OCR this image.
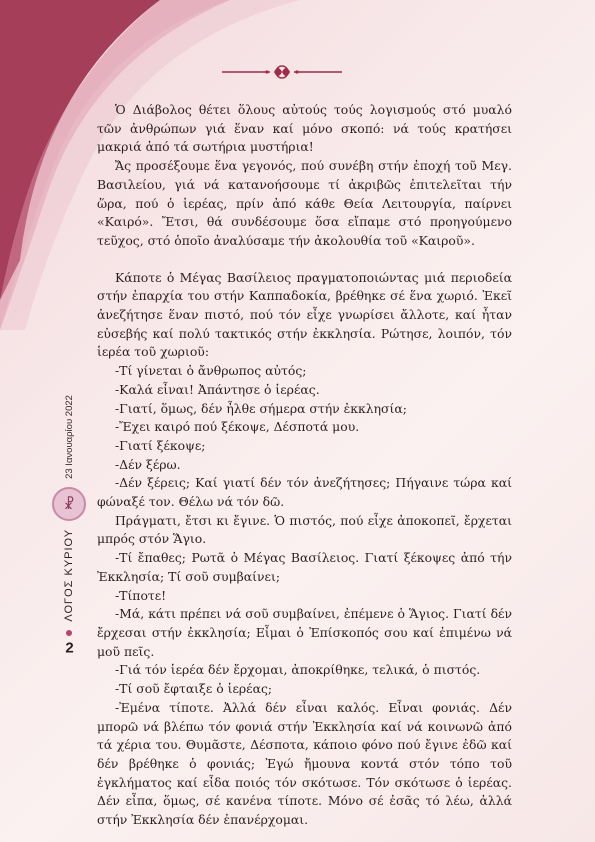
Ὁ Διάβολος θέτει ὅλους αὐτούς τούς λογισμούς στό μυαλό τῶν ἀνθρώπων γιά ἕναν καί μόνο σκοπό: νά τούς κρατήσει μακριά ἀπό τά σωτήρια μυστήρια!

Ἄς προσέξουμε ἕνα γεγονός, πού συνέβη στήν ἐποχή τοῦ Μεγ. Βασιλείου, γιά νά κατανοήσουμε τί ἀκριβῶς ἐπιτελεῖται τήν ὥρα, πού ὁ ἱερέας, πρίν ἀπό κάθε Θεία Λειτουργία, παίρνει «Καιρό». Ἔτσι, θά συνδέσουμε ὅσα εἴπαμε στό προηγούμενο τεῦχος, στό ὁποῖο ἀναλύσαμε τήν ἀκολουθία τοῦ «Καιροῦ».

Κάποτε ὁ Μέγας Βασίλειος πραγματοποιώντας μιά περιοδεία στήν ἐπαρχία του στήν Καππαδοκία, βρέθηκε σέ ἕνα χωριό. Ἐκεῖ ἀνεζήτησε ἕναν πιστό, πού τόν εἶχε γνωρίσει ἄλλοτε, καί ἦταν εὐσεβής καί πολύ τακτικός στήν ἐκκλησία. Ρώτησε, λοιπόν, τόν ἱερέα τοῦ χωριοῦ:

-Τί γίνεται ὁ ἄνθρωπος αὐτός;

-Καλά εἶναι! Ἀπάντησε ὁ ἱερέας.

-Γιατί, ὅμως, δέν ἦλθε σήμερα στήν ἐκκλησία;

-Ἔχει καιρό πού ξέκοψε, Δέσποτά μου.

-Γιατί ξέκοψε;

-Δέν ξέρω.

-Δέν ξέρεις; Καί γιατί δέν τόν ἀνεζήτησες; Πήγαινε τώρα καί φώναξέ τον. Θέλω νά τόν δῶ.

Πράγματι, ἔτσι κι ἔγινε. Ὁ πιστός, πού εἶχε ἀποκοπεῖ, ἔρχεται μπρός στόν Ἅγιο.

-Τί ἔπαθες; Ρωτᾶ ὁ Μέγας Βασίλειος. Γιατί ξέκοψες ἀπό τήν Ἐκκλησία; Τί σοῦ συμβαίνει;

-Τίποτε!

-Μά, κάτι πρέπει νά σοῦ συμβαίνει, ἐπέμενε ὁ Ἅγιος. Γιατί δέν ἔρχεσαι στήν ἐκκλησία; Εἶμαι ὁ Ἐπίσκοπός σου καί ἐπιμένω νά μοῦ πεῖς.

-Γιά τόν ἱερέα δέν ἔρχομαι, ἀποκρίθηκε, τελικά, ὁ πιστός.

-Τί σοῦ ἔφταιξε ὁ ἱερέας;

-Ἐμένα τίποτε. Ἀλλά δέν εἶναι καλός. Εἶναι φονιάς. Δέν μπορῶ νά βλέπω τόν φονιά στήν Ἐκκλησία καί νά κοινωνῶ ἀπό τά χέρια του. Θυμᾶστε, Δέσποτα, κάποιο φόνο πού ἔγινε ἐδῶ καί δέν βρέθηκε ὁ φονιάς; Ἐγώ ἤμουνα κοντά στόν τόπο τοῦ ἐγκλήματος καί εἶδα ποιός τόν σκότωσε. Τόν σκότωσε ὁ ἱερέας. Δέν εἶπα, ὅμως, σέ κανένα τίποτε. Μόνο σέ ἐσᾶς τό λέω, ἀλλά στήν Ἐκκλησία δέν ἐπανέρχομαι.

2
ΛΟΓΟΣ ΚΥΡΙΟΥ
☧
23 Ιανουαρίου 2022
